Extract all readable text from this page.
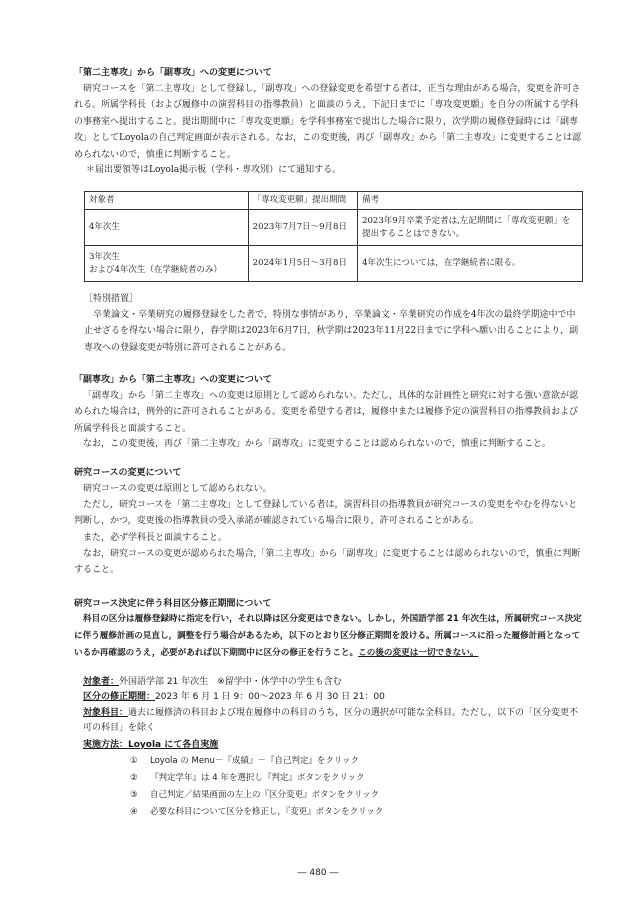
「第二主専攻」から「副専攻」への変更について

研究コースを「第二主専攻」として登録し,「副専攻」への登録変更を希望する者は，正当な理由がある場合，変更を許可される。所属学科長（および履修中の演習科目の指導教員）と面談のうえ，下記日までに「専攻変更願」を自分の所属する学科の事務室へ提出すること。提出期間中に「専攻変更願」を学科事務室で提出した場合に限り，次学期の履修登録時には「副専攻」としてLoyolaの自己判定画面が表示される。なお，この変更後，再び「副専攻」から「第二主専攻」に変更することは認められないので，慎重に判断すること。

＊届出要領等はLoyola掲示板（学科・専攻別）にて通知する。

対象者	「専攻変更願」提出期間	備考
4年次生	2023年7月7日～9月8日	2023年9月卒業予定者は,左記期間に「専攻変更願」を提出することはできない。

3年次生
および4年次生（在学継続者のみ）	2024年1月5日～3月8日	4年次生については，在学継続者に限る。

［特別措置］

卒業論文・卒業研究の履修登録をした者で，特別な事情があり，卒業論文・卒業研究の作成を4年次の最終学期途中で中止せざるを得ない場合に限り，春学期は2023年6月7日，秋学期は2023年11月22日までに学科へ願い出ることにより，副専攻への登録変更が特別に許可されることがある。

「副専攻」から「第二主専攻」への変更について

「副専攻」から「第二主専攻」への変更は原則として認められない。ただし，具体的な計画性と研究に対する強い意欲が認められた場合は，例外的に許可されることがある。変更を希望する者は，履修中または履修予定の演習科目の指導教員および所属学科長と面談すること。

なお，この変更後，再び「第二主専攻」から「副専攻」に変更することは認められないので，慎重に判断すること。

研究コースの変更について

研究コースの変更は原則として認められない。

ただし，研究コースを「第二主専攻」として登録している者は，演習科目の指導教員が研究コースの変更をやむを得ないと判断し，かつ，変更後の指導教員の受入承諾が確認されている場合に限り，許可されることがある。

また，必ず学科長と面談すること。

なお，研究コースの変更が認められた場合,「第二主専攻」から「副専攻」に変更することは認められないので，慎重に判断すること。

研究コース決定に伴う科目区分修正期間について

科目の区分は履修登録時に指定を行い，それ以降は区分変更はできない。しかし，外国語学部 21 年次生は，所属研究コース決定に伴う履修計画の見直し，調整を行う場合があるため，以下のとおり区分修正期間を設ける。所属コースに沿った履修計画となっているか再確認のうえ，必要があれば以下期間中に区分の修正を行うこと。この後の変更は一切できない。

対象者：外国語学部 21 年次生　※留学中・休学中の学生も含む
区分の修正期間：2023 年 6 月 1 日 9：00～2023 年 6 月 30 日 21：00
対象科目：過去に履修済の科目および現在履修中の科目のうち，区分の選択が可能な全科目。ただし，以下の「区分変更不可の科目」を除く
実施方法：Loyola にて各自実施
① Loyola の Menu－『成績』－『自己判定』をクリック
② 『判定学年』は 4 年を選択し『判定』ボタンをクリック
③ 自己判定／結果画面の左上の『区分変更』ボタンをクリック
④ 必要な科目について区分を修正し，『変更』ボタンをクリック
― 480 ―
